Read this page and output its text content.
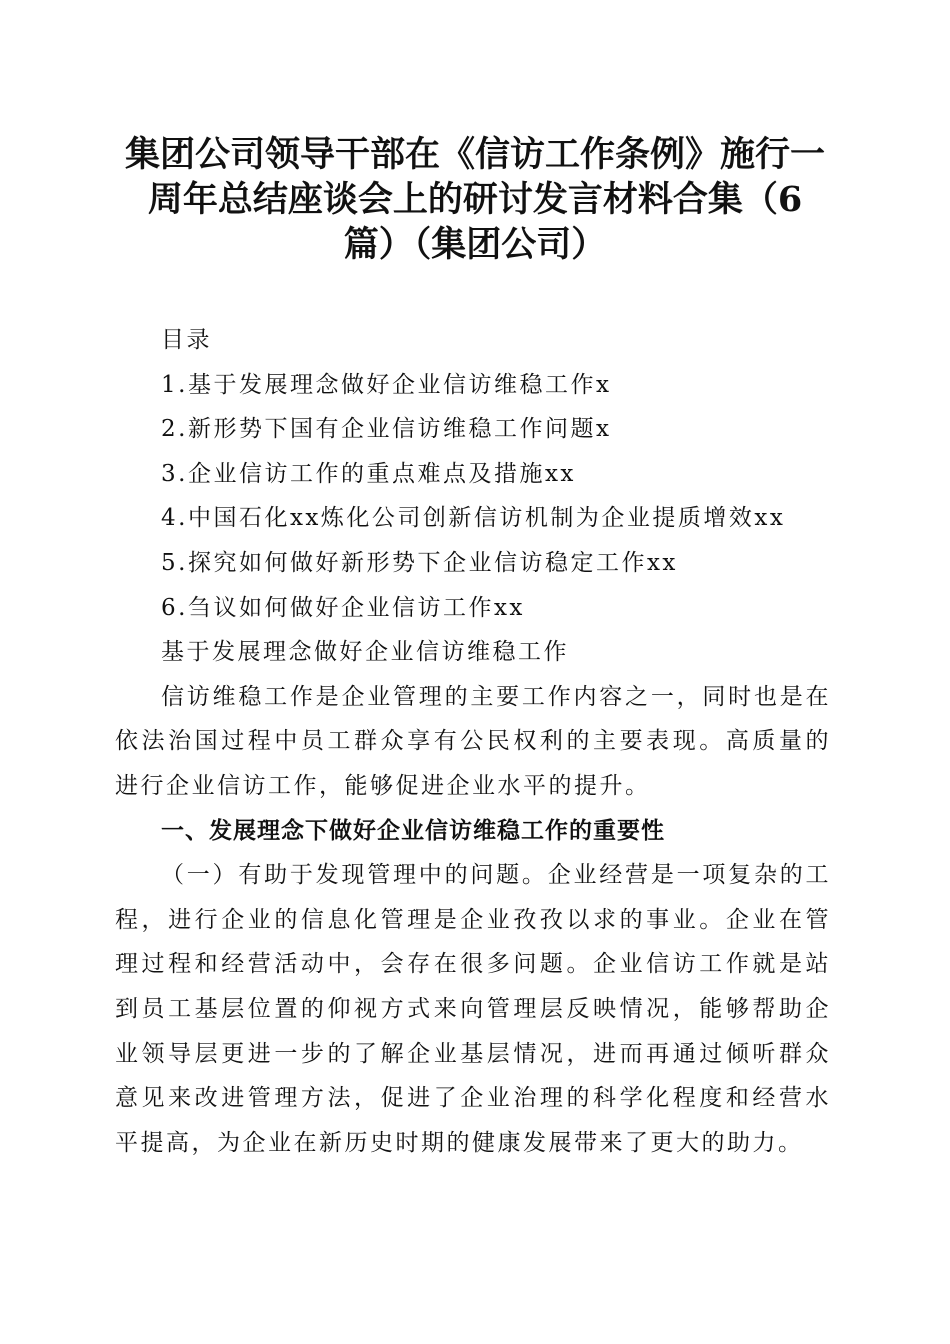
集团公司领导干部在《信访工作条例》施行一
周年总结座谈会上的研讨发言材料合集（6
篇）（集团公司）

目录

1.基于发展理念做好企业信访维稳工作x

2.新形势下国有企业信访维稳工作问题x

3.企业信访工作的重点难点及措施xx

4.中国石化xx炼化公司创新信访机制为企业提质增效xx

5.探究如何做好新形势下企业信访稳定工作xx

6.刍议如何做好企业信访工作xx

基于发展理念做好企业信访维稳工作

信访维稳工作是企业管理的主要工作内容之一，同时也是在

依法治国过程中员工群众享有公民权利的主要表现。高质量的

进行企业信访工作，能够促进企业水平的提升。

一、发展理念下做好企业信访维稳工作的重要性

（一）有助于发现管理中的问题。企业经营是一项复杂的工

程，进行企业的信息化管理是企业孜孜以求的事业。企业在管

理过程和经营活动中，会存在很多问题。企业信访工作就是站

到员工基层位置的仰视方式来向管理层反映情况，能够帮助企

业领导层更进一步的了解企业基层情况，进而再通过倾听群众

意见来改进管理方法，促进了企业治理的科学化程度和经营水

平提高，为企业在新历史时期的健康发展带来了更大的助力。
